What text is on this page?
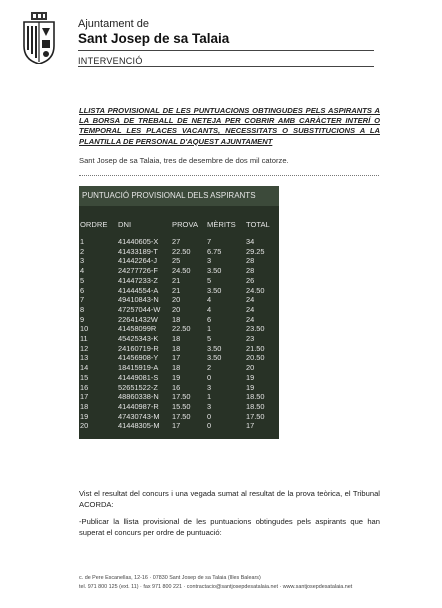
Ajuntament de
Sant Josep de sa Talaia
INTERVENCIÓ
LLISTA PROVISIONAL DE LES PUNTUACIONS OBTINGUDES PELS ASPIRANTS A LA BORSA DE TREBALL DE NETEJA PER COBRIR AMB CARÀCTER INTERÍ O TEMPORAL LES PLACES VACANTS, NECESSITATS O SUBSTITUCIONS A LA PLANTILLA DE PERSONAL D'AQUEST AJUNTAMENT
Sant Josep de sa Talaia, tres de desembre de dos mil catorze.
PUNTUACIÓ PROVISIONAL DELS ASPIRANTS
ORDRE DNI	PROVA MÈRITS TOTAL
1	41440605-X 27	7	34
2	41433189-T 22.50 6.75	29.25
3	41442264-J 25	3	28
4	24277726-F 24.50 3.50	28
5	41447233-Z 21	5	26
6	41444554-A 21	3.50	24.50
7	49410843-N 20	4	24
8	47257044-W 20	4	24
9	22641432W 18	6	24
10	41458099R 22.50 1	23.50
11	45425343-K 18	5	23
12	24160719-R 18	3.50	21.50
13	41456908-Y 17	3.50	20.50
14	18415919-A 18	2	20
15	41449081-S 19	0	19
16	52651522-Z 16	3	19
17	48860338-N 17.50 1	18.50
18	41440987-R 15.50 3	18.50
19	47430743-M 17.50 0	17.50
20	41448305-M 17	0	17
Vist el resultat del concurs i una vegada sumat al resultat de la prova teòrica, el Tribunal ACORDA:
-Publicar la llista provisional de les puntuacions obtingudes pels aspirants que han superat el concurs per ordre de puntuació:
c. de Pere Escanellas, 12-16 · 07830 Sant Josep de sa Talaia (Illes Balears)
tel. 971 800 125 (ext. 11) · fax 971 800 221 · contractacio@santjosepdesatalaia.net · www.santjosepdesatalaia.net
